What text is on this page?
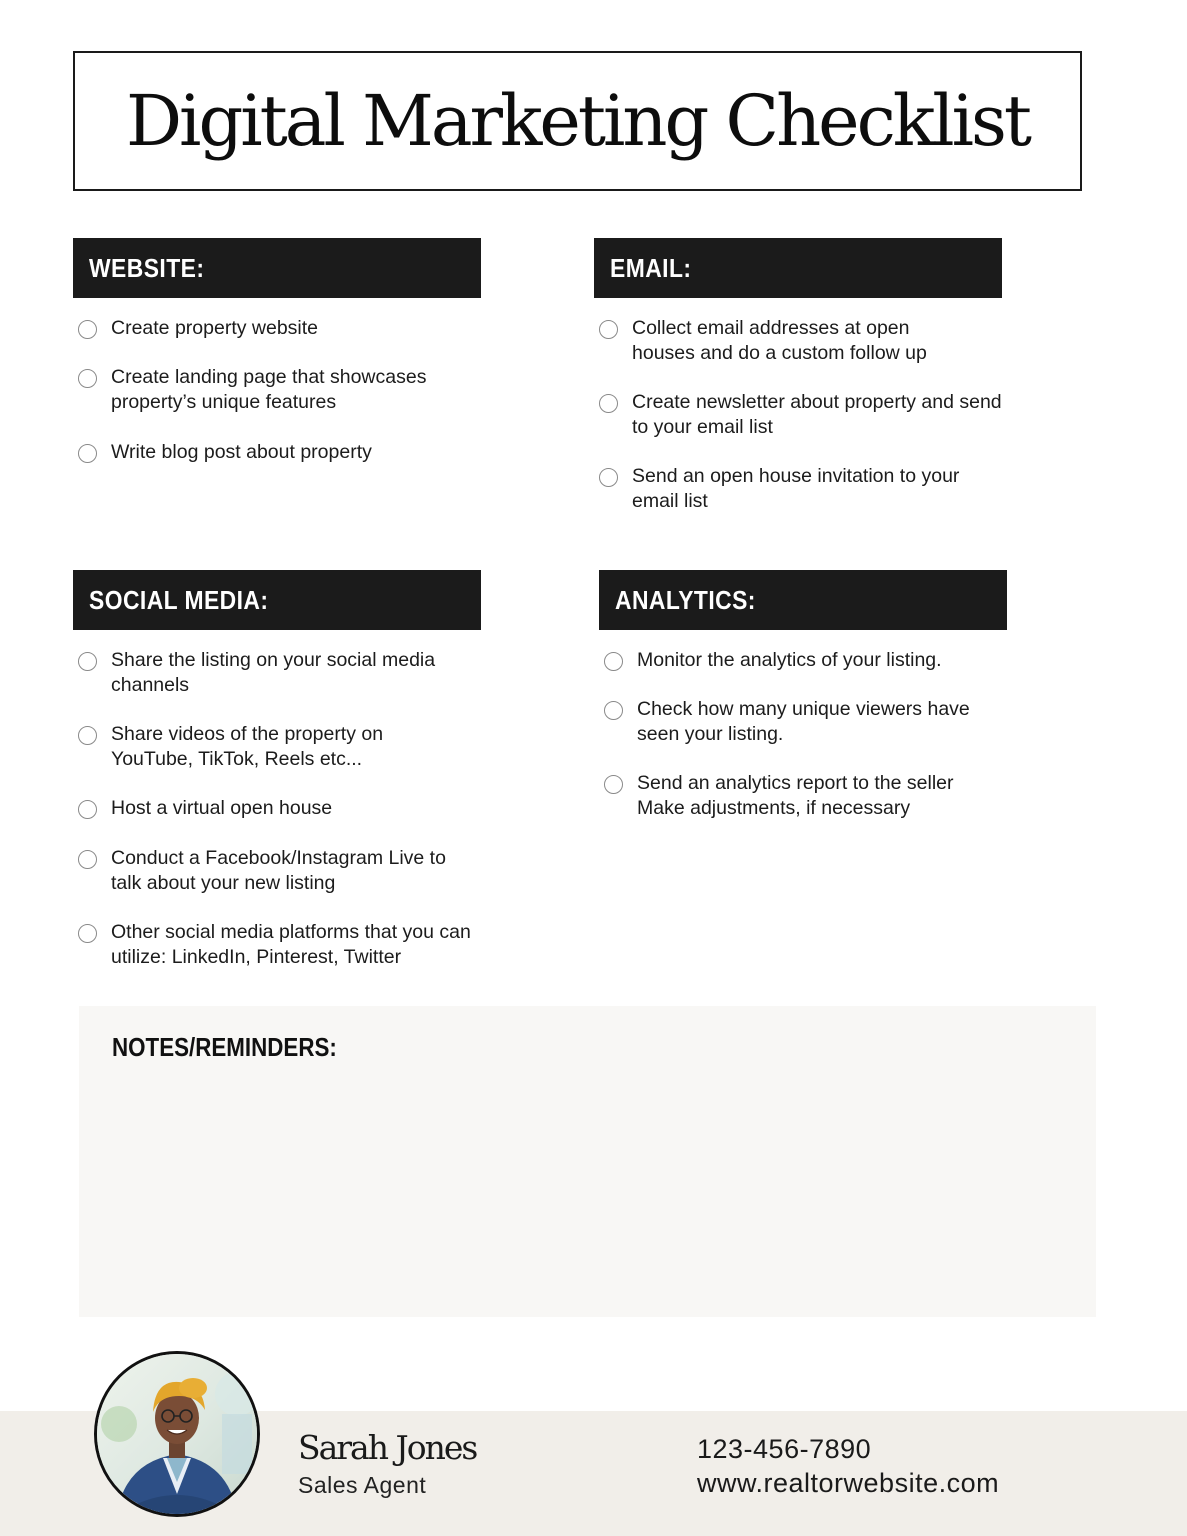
Digital Marketing Checklist
WEBSITE:
Create property website
Create landing page that showcases property’s unique features
Write blog post about property
EMAIL:
Collect email addresses at open houses and do a custom follow up
Create newsletter about property and send to your email list
Send an open house invitation to your email list
SOCIAL MEDIA:
Share the listing on your social media channels
Share videos of the property on YouTube, TikTok, Reels etc...
Host a virtual open house
Conduct a Facebook/Instagram Live to talk about your new listing
Other social media platforms that you can utilize: LinkedIn, Pinterest, Twitter
ANALYTICS:
Monitor the analytics of your listing.
Check how many unique viewers have seen your listing.
Send an analytics report to the seller Make adjustments, if necessary
NOTES/REMINDERS:
Sarah Jones
Sales Agent
123-456-7890
www.realtorwebsite.com
